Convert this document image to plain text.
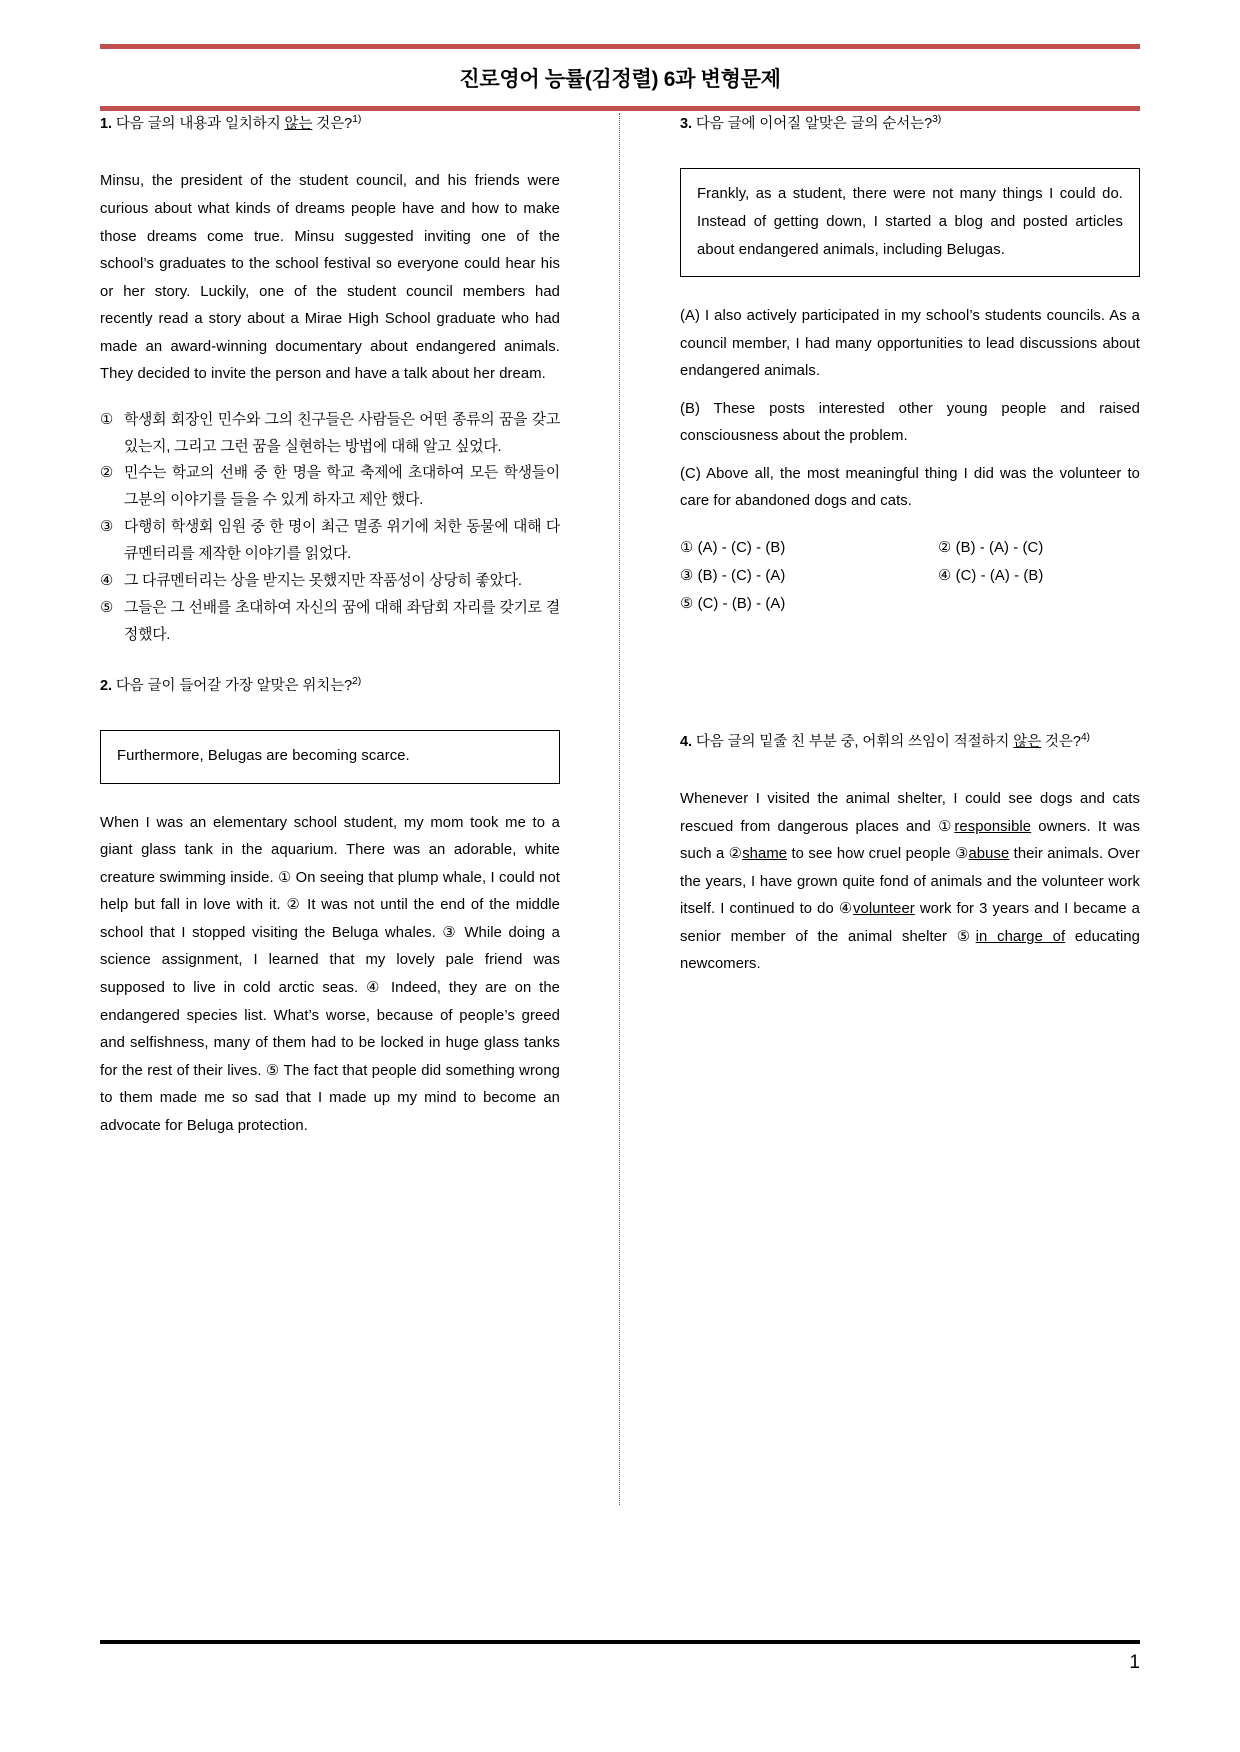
진로영어 능률(김정렬) 6과 변형문제

1. 다음 글의 내용과 일치하지 않는 것은?$^{1)}$

Minsu, the president of the student council, and his friends were curious about what kinds of dreams people have and how to make those dreams come true. Minsu suggested inviting one of the school’s graduates to the school festival so everyone could hear his or her story. Luckily, one of the student council members had recently read a story about a Mirae High School graduate who had made an award-winning documentary about endangered animals. They decided to invite the person and have a talk about her dream.

① 학생회 회장인 민수와 그의 친구들은 사람들은 어떤 종류의 꿈을 갖고 있는지, 그리고 그런 꿈을 실현하는 방법에 대해 알고 싶었다.
② 민수는 학교의 선배 중 한 명을 학교 축제에 초대하여 모든 학생들이 그분의 이야기를 들을 수 있게 하자고 제안 했다.
③ 다행히 학생회 임원 중 한 명이 최근 멸종 위기에 처한 동물에 대해 다큐멘터리를 제작한 이야기를 읽었다.
④ 그 다큐멘터리는 상을 받지는 못했지만 작품성이 상당히 좋았다.
⑤ 그들은 그 선배를 초대하여 자신의 꿈에 대해 좌담회 자리를 갖기로 결정했다.

2. 다음 글이 들어갈 가장 알맞은 위치는?$^{2)}$

Furthermore, Belugas are becoming scarce.

When I was an elementary school student, my mom took me to a giant glass tank in the aquarium. There was an adorable, white creature swimming inside. ① On seeing that plump whale, I could not help but fall in love with it. ② It was not until the end of the middle school that I stopped visiting the Beluga whales. ③ While doing a science assignment, I learned that my lovely pale friend was supposed to live in cold arctic seas. ④ Indeed, they are on the endangered species list. What’s worse, because of people’s greed and selfishness, many of them had to be locked in huge glass tanks for the rest of their lives. ⑤ The fact that people did something wrong to them made me so sad that I made up my mind to become an advocate for Beluga protection.

3. 다음 글에 이어질 알맞은 글의 순서는?$^{3)}$

Frankly, as a student, there were not many things I could do. Instead of getting down, I started a blog and posted articles about endangered animals, including Belugas.

(A) I also actively participated in my school’s students councils. As a council member, I had many opportunities to lead discussions about endangered animals.

(B) These posts interested other young people and raised consciousness about the problem.

(C) Above all, the most meaningful thing I did was the volunteer to care for abandoned dogs and cats.

① (A) - (C) - (B)	② (B) - (A) - (C)
③ (B) - (C) - (A)	④ (C) - (A) - (B)
⑤ (C) - (B) - (A)

4. 다음 글의 밑줄 친 부분 중, 어휘의 쓰임이 적절하지 않은 것은?$^{4)}$

Whenever I visited the animal shelter, I could see dogs and cats rescued from dangerous places and ①responsible owners. It was such a ②shame to see how cruel people ③abuse their animals. Over the years, I have grown quite fond of animals and the volunteer work itself. I continued to do ④volunteer work for 3 years and I became a senior member of the animal shelter ⑤in charge of educating newcomers.

1
